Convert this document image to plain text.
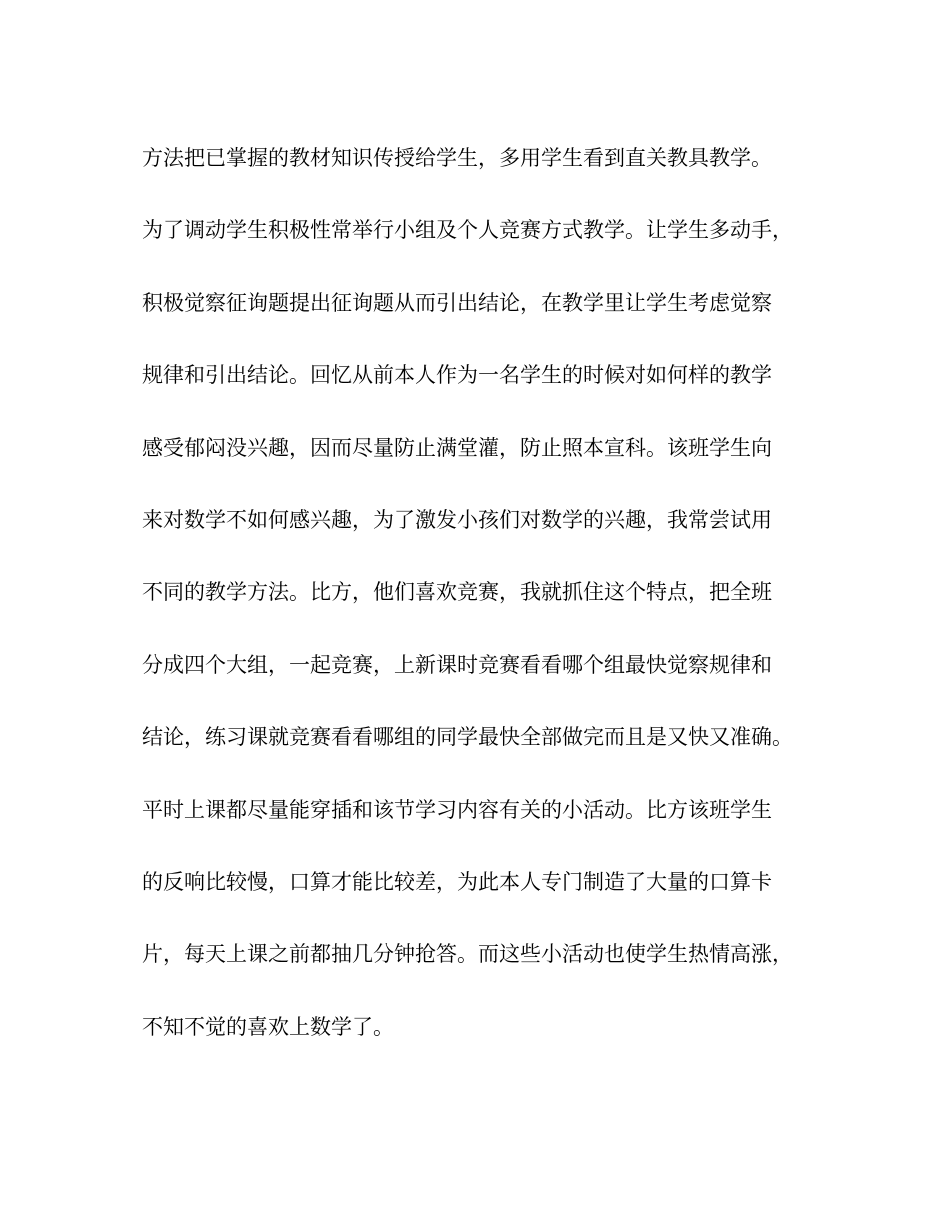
方法把已掌握的教材知识传授给学生，多用学生看到直关教具教学。
为了调动学生积极性常举行小组及个人竞赛方式教学。让学生多动手，
积极觉察征询题提出征询题从而引出结论，在教学里让学生考虑觉察
规律和引出结论。回忆从前本人作为一名学生的时候对如何样的教学
感受郁闷没兴趣，因而尽量防止满堂灌，防止照本宣科。该班学生向
来对数学不如何感兴趣，为了激发小孩们对数学的兴趣，我常尝试用
不同的教学方法。比方，他们喜欢竞赛，我就抓住这个特点，把全班
分成四个大组，一起竞赛，上新课时竞赛看看哪个组最快觉察规律和
结论，练习课就竞赛看看哪组的同学最快全部做完而且是又快又准确。
平时上课都尽量能穿插和该节学习内容有关的小活动。比方该班学生
的反响比较慢，口算才能比较差，为此本人专门制造了大量的口算卡
片，每天上课之前都抽几分钟抢答。而这些小活动也使学生热情高涨，
不知不觉的喜欢上数学了。
